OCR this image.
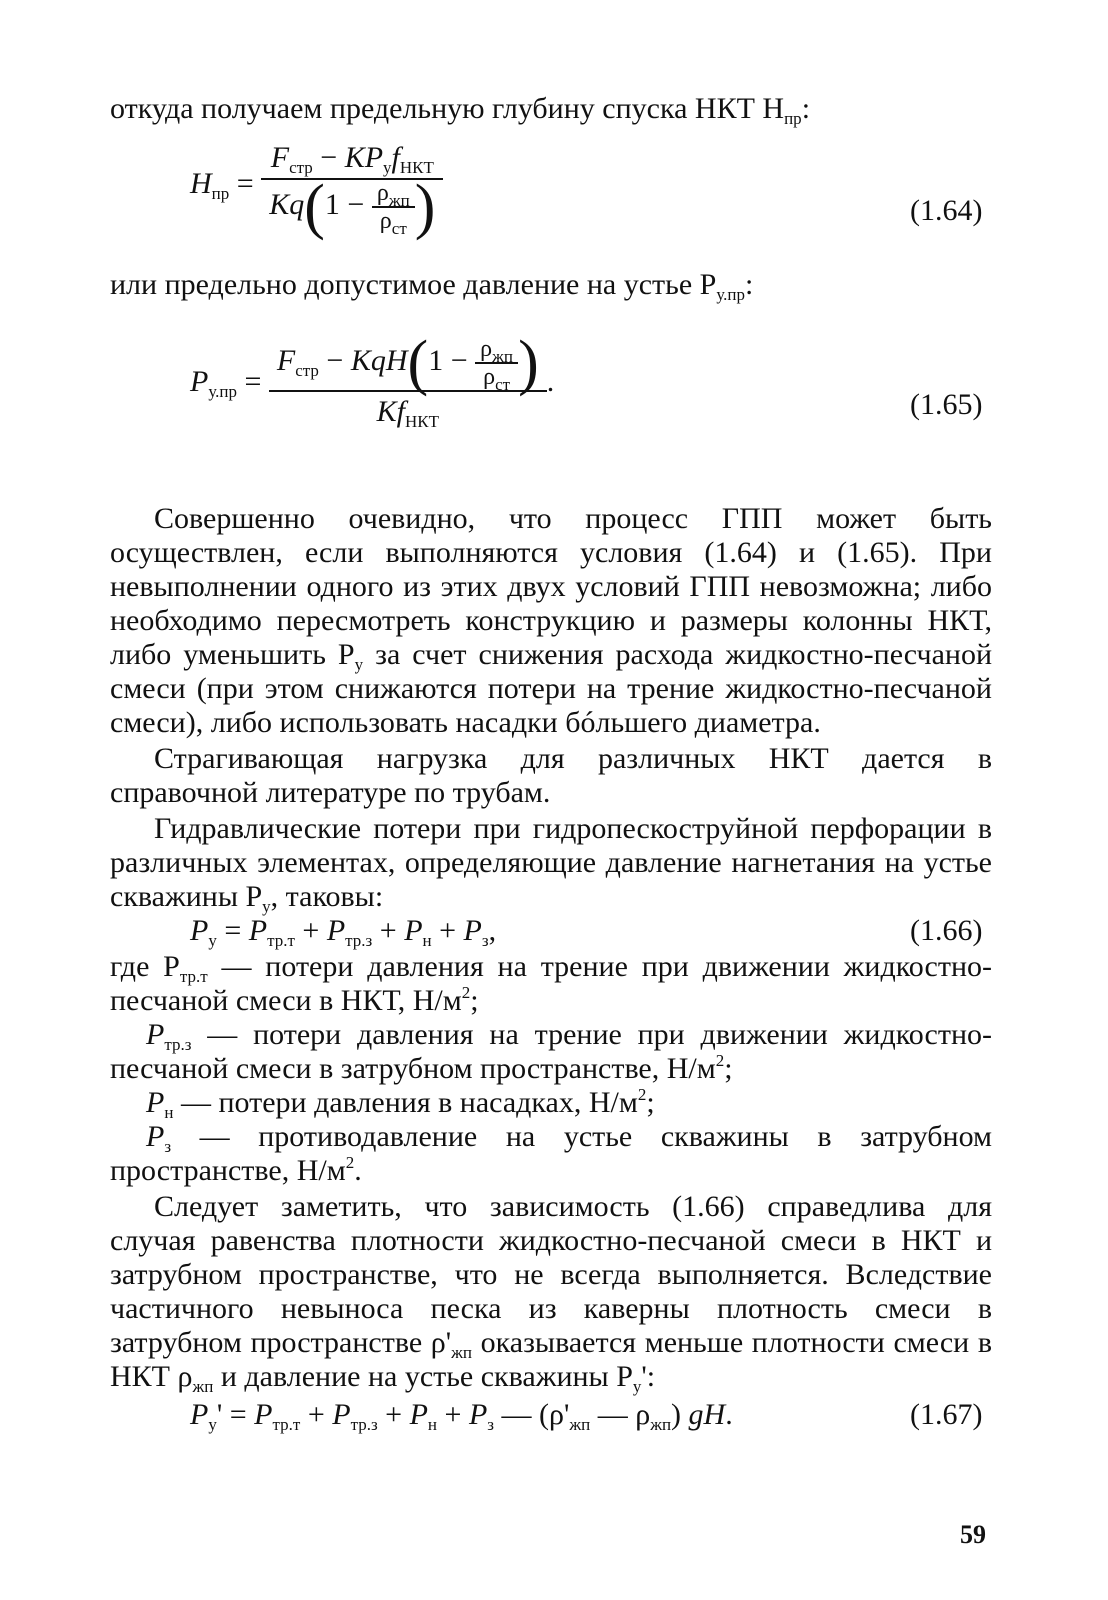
откуда получаем предельную глубину спуска НКТ $H_{пр}$:
$H_{пр} = \frac{F_{стр} - KP_уf_{НКТ}}{Kq(1 - \frac{\rho_{жп}}{\rho_{ст}} )}$	(1.64)
или предельно допустимое давление на устье $P_{у.пр}$:
$P_{у.пр} = \frac{F_{стр} - KqH(1 - \frac{\rho_{жп}}{\rho_{ст}} )}{Kf_{НКТ}}$ .
(1.65)
Совершенно очевидно, что процесс ГПП может быть осуществлен, если выполняются условия (1.64) и (1.65). При невыполнении одного из этих двух условий ГПП невозможна; либо необходимо пересмотреть конструкцию и размеры колонны НКТ, либо уменьшить $P_у$ за счет снижения расхода жидкостно-песчаной смеси (при этом снижаются потери на трение жидкостно-песчаной смеси), либо использовать насадки бóльшего диаметра.
Страгивающая нагрузка для различных НКТ дается в справочной литературе по трубам.
Гидравлические потери при гидропескоструйной перфорации в различных элементах, определяющие давление нагнетания на устье скважины $P_у$, таковы:
$P_у = P_{тр.т} + P_{тр.з} + P_н + P_з$,	(1.66)
где $P_{тр.т}$ — потери давления на трение при движении жидкостно-песчаной смеси в НКТ, $Н/м^2$;
$P_{тр.з}$ — потери давления на трение при движении жидкостно-песчаной смеси в затрубном пространстве, $Н/м^2$;
$P_н$ — потери давления в насадках, $Н/м^2$;
$P_з$ — противодавление на устье скважины в затрубном пространстве, $Н/м^2$.
Следует заметить, что зависимость (1.66) справедлива для случая равенства плотности жидкостно-песчаной смеси в НКТ и затрубном пространстве, что не всегда выполняется. Вследствие частичного невыноса песка из каверны плотность смеси в затрубном пространстве $\rho'_{жп}$ оказывается меньше плотности смеси в НКТ $\rho_{жп}$ и давление на устье скважины $P_у'$:
$P_у' = P_{тр.т} + P_{тр.з} + P_н + P_з$ — ($\rho'_{жп}$ — $\rho_{жп}$) gH.	(1.67)
59
